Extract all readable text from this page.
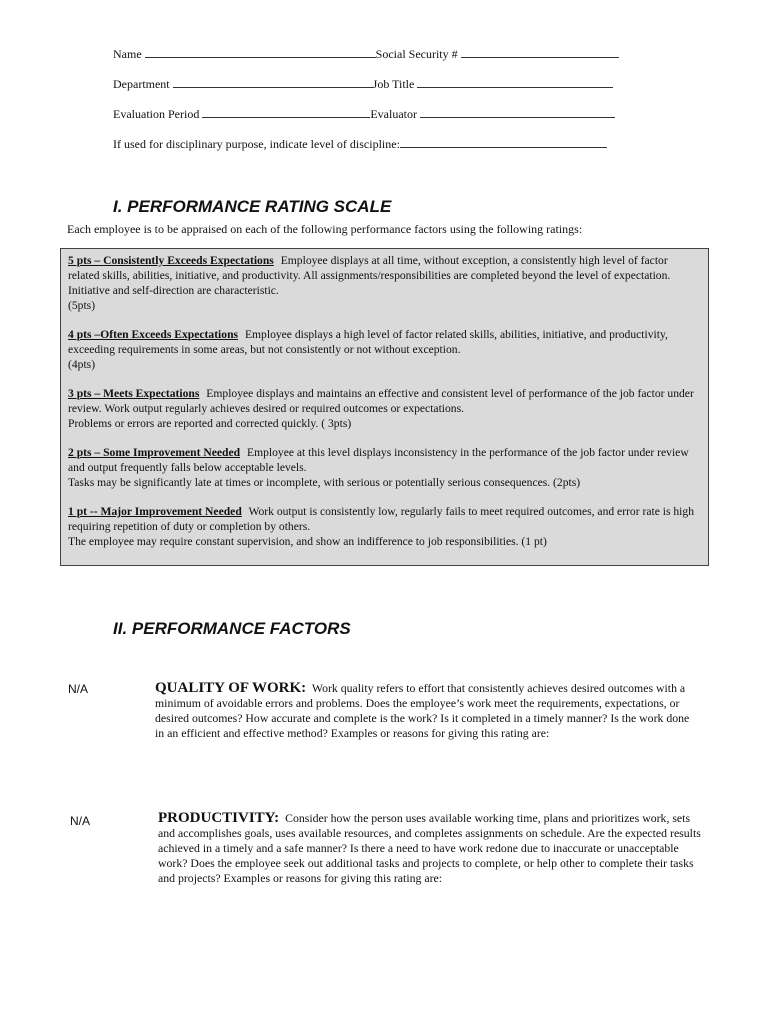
Name	Social Security #
Department	Job Title
Evaluation Period	Evaluator
If used for disciplinary purpose, indicate level of discipline:
I. PERFORMANCE RATING SCALE
Each employee is to be appraised on each of the following performance factors using the following ratings:
5 pts – Consistently Exceeds Expectations Employee displays at all time, without exception, a consistently high level of factor related skills, abilities, initiative, and productivity. All assignments/responsibilities are completed beyond the level of expectation. Initiative and self-direction are characteristic.
(5pts)
4 pts –Often Exceeds Expectations Employee displays a high level of factor related skills, abilities, initiative, and productivity, exceeding requirements in some areas, but not consistently or not without exception.
(4pts)
3 pts – Meets Expectations Employee displays and maintains an effective and consistent level of performance of the job factor under review. Work output regularly achieves desired or required outcomes or expectations.
Problems or errors are reported and corrected quickly. ( 3pts)
2 pts – Some Improvement Needed Employee at this level displays inconsistency in the performance of the job factor under review and output frequently falls below acceptable levels.
Tasks may be significantly late at times or incomplete, with serious or potentially serious consequences. (2pts)
1 pt -- Major Improvement Needed Work output is consistently low, regularly fails to meet required outcomes, and error rate is high requiring repetition of duty or completion by others.
The employee may require constant supervision, and show an indifference to job responsibilities. (1 pt)
II. PERFORMANCE FACTORS
N/A	QUALITY OF WORK: Work quality refers to effort that consistently achieves desired outcomes with a minimum of avoidable errors and problems. Does the employee’s work meet the requirements, expectations, or desired outcomes? How accurate and complete is the work? Is it completed in a timely manner? Is the work done in an efficient and effective method? Examples or reasons for giving this rating are:
N/A	PRODUCTIVITY: Consider how the person uses available working time, plans and prioritizes work, sets and accomplishes goals, uses available resources, and completes assignments on schedule. Are the expected results achieved in a timely and a safe manner? Is there a need to have work redone due to inaccurate or unacceptable work? Does the employee seek out additional tasks and projects to complete, or help other to complete their tasks and projects? Examples or reasons for giving this rating are:
